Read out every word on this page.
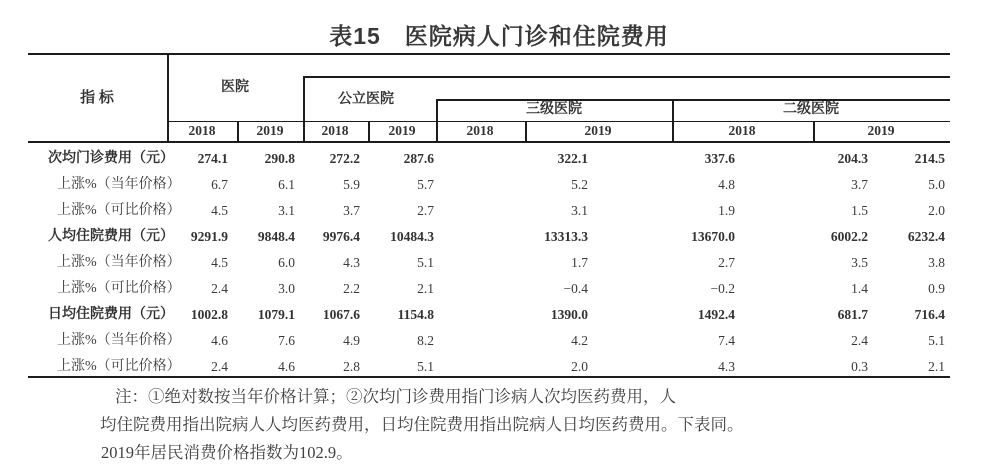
表15　医院病人门诊和住院费用
指 标
医院
公立医院
三级医院	二级医院
2018	2019	2018	2019	2018	2019	2018	2019
次均门诊费用（元） 274.1	290.8	272.2	287.6	322.1	337.6	204.3	214.5
上涨%（当年价格） 6.7	6.1	5.9	5.7	5.2	4.8	3.7	5.0
上涨%（可比价格） 4.5	3.1	3.7	2.7	3.1	1.9	1.5	2.0
人均住院费用（元） 9291.9 9848.4 9976.4 10484.3	13313.3	13670.0	6002.2	6232.4
上涨%（当年价格） 4.5	6.0	4.3	5.1	1.7	2.7	3.5	3.8
上涨%（可比价格） 2.4	3.0	2.2	2.1	−0.4	−0.2	1.4	0.9
日均住院费用（元） 1002.8 1079.1 1067.6	1154.8	1390.0	1492.4	681.7	716.4
上涨%（当年价格） 4.6	7.6	4.9	8.2	4.2	7.4	2.4	5.1
上涨%（可比价格） 2.4	4.6	2.8	5.1	2.0	4.3	0.3	2.1
注：①绝对数按当年价格计算；②次均门诊费用指门诊病人次均医药费用，人
均住院费用指出院病人人均医药费用，日均住院费用指出院病人日均医药费用。下表同。
2019年居民消费价格指数为102.9。
